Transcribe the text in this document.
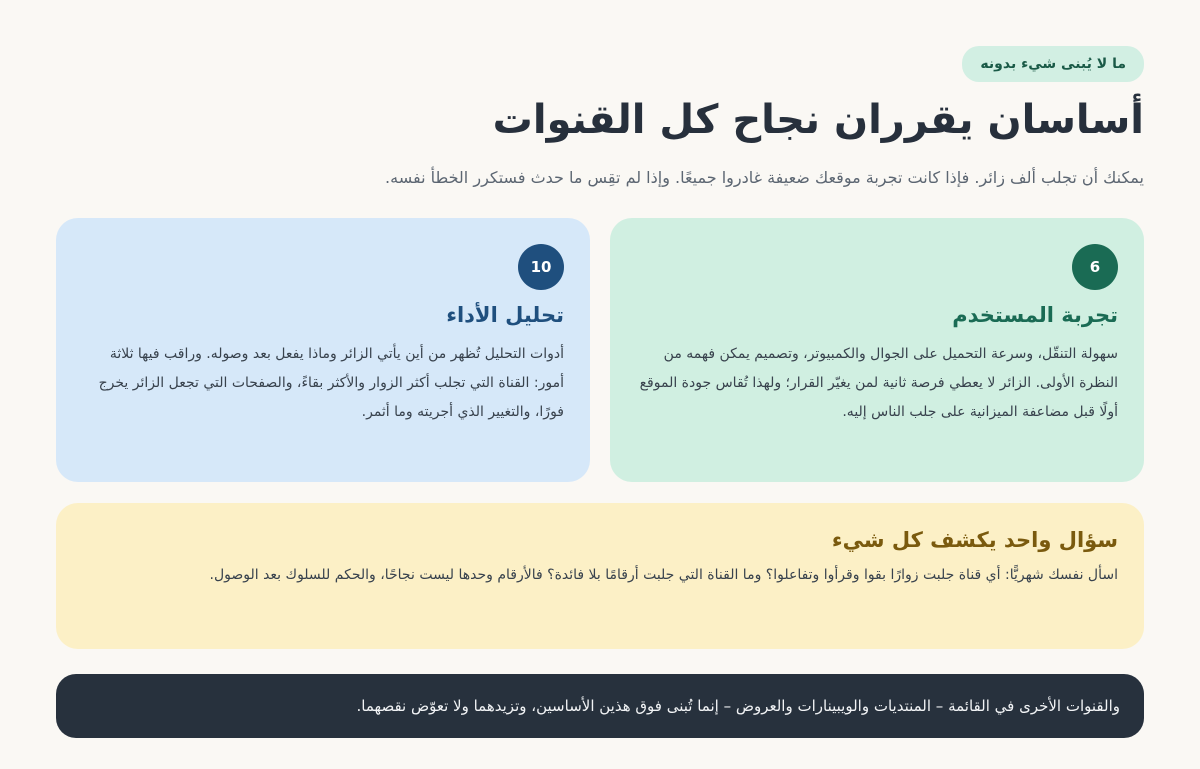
ما لا يُبنى شيء بدونه
أساسان يقرران نجاح كل القنوات

يمكنك أن تجلب ألف زائر. فإذا كانت تجربة موقعك ضعيفة غادروا جميعًا. وإذا لم تقِس ما حدث فستكرر الخطأ نفسه.

6
تجربة المستخدم

سهولة التنقّل، وسرعة التحميل على الجوال والكمبيوتر، وتصميم يمكن فهمه من النظرة الأولى. الزائر لا يعطي فرصة ثانية لمن يغيّر القرار؛ ولهذا تُقاس جودة الموقع أولًا قبل مضاعفة الميزانية على جلب الناس إليه.

10
تحليل الأداء

أدوات التحليل تُظهر من أين يأتي الزائر وماذا يفعل بعد وصوله. وراقب فيها ثلاثة أمور: القناة التي تجلب أكثر الزوار والأكثر بقاءً، والصفحات التي تجعل الزائر يخرج فورًا، والتغيير الذي أجريته وما أثمر.

سؤال واحد يكشف كل شيء

اسأل نفسك شهريًّا: أي قناة جلبت زوارًا بقوا وقرأوا وتفاعلوا؟ وما القناة التي جلبت أرقامًا بلا فائدة؟ فالأرقام وحدها ليست نجاحًا، والحكم للسلوك بعد الوصول.

والقنوات الأخرى في القائمة – المنتديات والويبينارات والعروض – إنما تُبنى فوق هذين الأساسين، وتزيدهما ولا تعوّض نقصهما.
